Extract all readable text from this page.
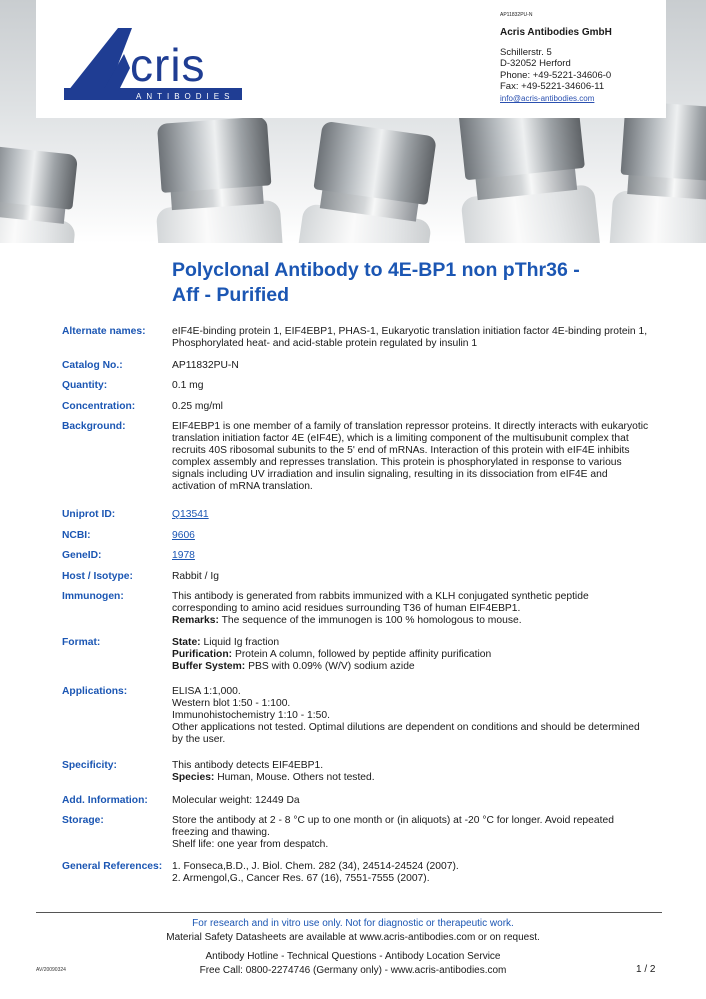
cris
ANTIBODIES
AP11832PU-N
Acris Antibodies GmbH
Schillerstr. 5
D-32052 Herford
Phone: +49-5221-34606-0
Fax: +49-5221-34606-11
info@acris-antibodies.com
Polyclonal Antibody to 4E-BP1 non pThr36 -
Aff - Purified
Alternate names:	eIF4E-binding protein 1, EIF4EBP1, PHAS-1, Eukaryotic translation initiation factor 4E-binding protein 1, Phosphorylated heat- and acid-stable protein regulated by insulin 1
Catalog No.:	AP11832PU-N
Quantity:	0.1 mg
Concentration:	0.25 mg/ml
Background:	EIF4EBP1 is one member of a family of translation repressor proteins. It directly interacts with eukaryotic translation initiation factor 4E (eIF4E), which is a limiting component of the multisubunit complex that recruits 40S ribosomal subunits to the 5' end of mRNAs. Interaction of this protein with eIF4E inhibits complex assembly and represses translation. This protein is phosphorylated in response to various signals including UV irradiation and insulin signaling, resulting in its dissociation from eIF4E and activation of mRNA translation.
Uniprot ID:	Q13541
NCBI:	9606
GeneID:	1978
Host / Isotype:	Rabbit / Ig
Immunogen:	This antibody is generated from rabbits immunized with a KLH conjugated synthetic peptide corresponding to amino acid residues surrounding T36 of human EIF4EBP1.
Remarks: The sequence of the immunogen is 100 % homologous to mouse.
Format:	State: Liquid Ig fraction
Purification: Protein A column, followed by peptide affinity purification
Buffer System: PBS with 0.09% (W/V) sodium azide
Applications:	ELISA 1:1,000.
Western blot 1:50 - 1:100.
Immunohistochemistry 1:10 - 1:50.
Other applications not tested. Optimal dilutions are dependent on conditions and should be determined by the user.
Specificity:	This antibody detects EIF4EBP1.
Species: Human, Mouse. Others not tested.
Add. Information:	Molecular weight: 12449 Da
Storage:	Store the antibody at 2 - 8 °C up to one month or (in aliquots) at -20 °C for longer. Avoid repeated freezing and thawing.
Shelf life: one year from despatch.
General References: 1. Fonseca,B.D., J. Biol. Chem. 282 (34), 24514-24524 (2007).
2. Armengol,G., Cancer Res. 67 (16), 7551-7555 (2007).
For research and in vitro use only. Not for diagnostic or therapeutic work.
Material Safety Datasheets are available at www.acris-antibodies.com or on request.
Antibody Hotline - Technical Questions - Antibody Location Service
Free Call: 0800-2274746 (Germany only) - www.acris-antibodies.com
AV/20090324	1 / 2
